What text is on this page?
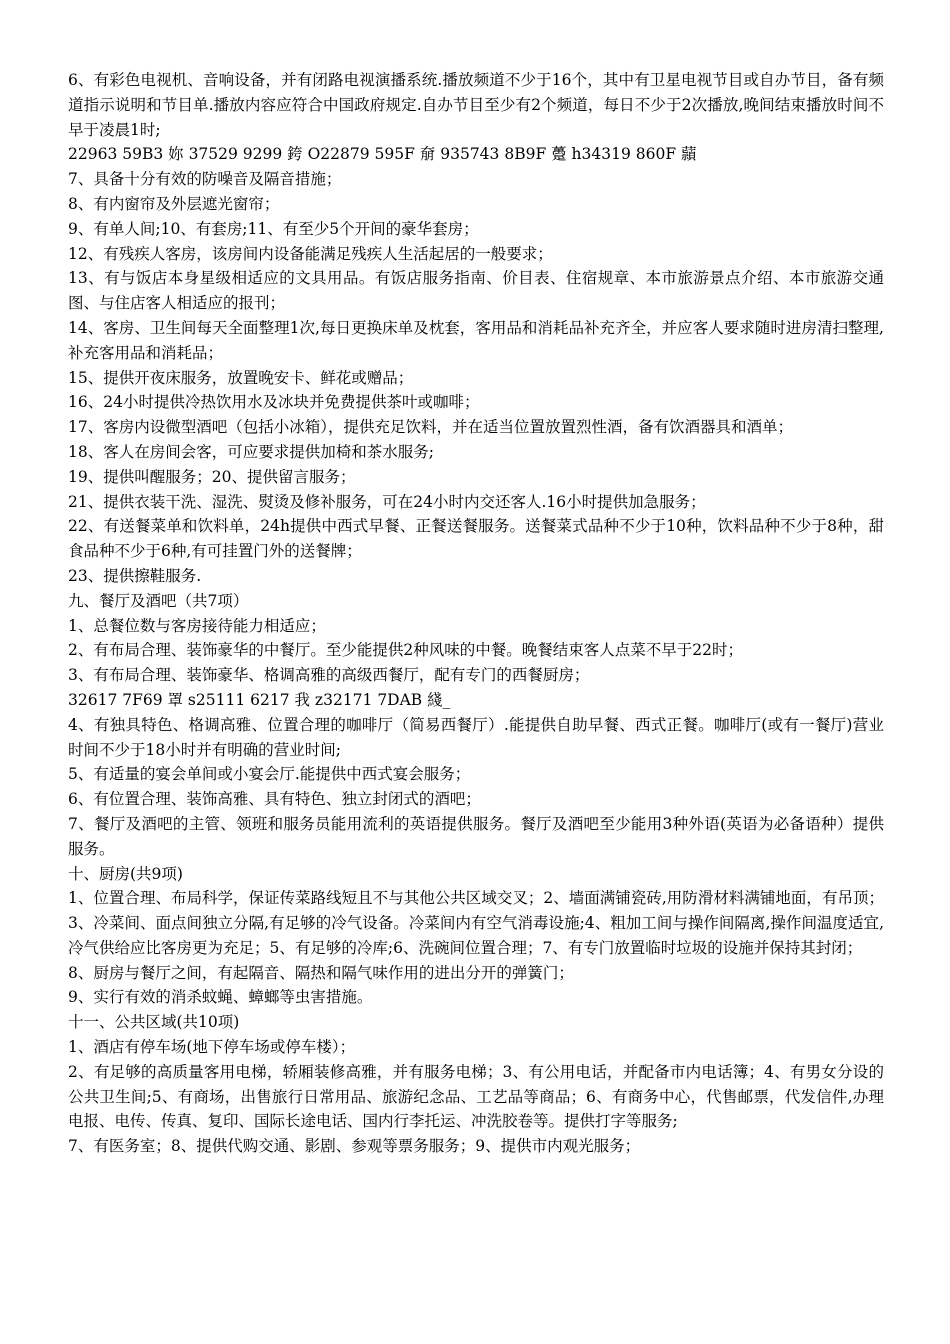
6、有彩色电视机、音响设备，并有闭路电视演播系统.播放频道不少于16个，其中有卫星电视节目或自办节目，备有频道指示说明和节目单.播放内容应符合中国政府规定.自办节目至少有2个频道，每日不少于2次播放,晚间结束播放时间不早于凌晨1时;

22963 59B3 妳 37529 9299 銙 O22879 595F 奟 935743 8B9F 躉 h34319 860F 蘏

7、具备十分有效的防噪音及隔音措施；

8、有内窗帘及外层遮光窗帘；

9、有单人间;10、有套房;11、有至少5个开间的豪华套房；

12、有残疾人客房，该房间内设备能满足残疾人生活起居的一般要求；

13、有与饭店本身星级相适应的文具用品。有饭店服务指南、价目表、住宿规章、本市旅游景点介绍、本市旅游交通图、与住店客人相适应的报刊；

14、客房、卫生间每天全面整理1次,每日更换床单及枕套，客用品和消耗品补充齐全，并应客人要求随时进房清扫整理,补充客用品和消耗品；

15、提供开夜床服务，放置晚安卡、鲜花或赠品；

16、24小时提供冷热饮用水及冰块并免费提供茶叶或咖啡；

17、客房内设微型酒吧（包括小冰箱），提供充足饮料，并在适当位置放置烈性酒，备有饮酒器具和酒单；

18、客人在房间会客，可应要求提供加椅和茶水服务;

19、提供叫醒服务；20、提供留言服务；

21、提供衣装干洗、湿洗、熨烫及修补服务，可在24小时内交还客人.16小时提供加急服务；

22、有送餐菜单和饮料单，24h提供中西式早餐、正餐送餐服务。送餐菜式品种不少于10种，饮料品种不少于8种，甜食品种不少于6种,有可挂置门外的送餐牌；

23、提供擦鞋服务.

九、餐厅及酒吧（共7项）

1、总餐位数与客房接待能力相适应；

2、有布局合理、装饰豪华的中餐厅。至少能提供2种风味的中餐。晚餐结束客人点菜不早于22时；

3、有布局合理、装饰豪华、格调高雅的高级西餐厅，配有专门的西餐厨房；

32617 7F69 罩 s25111 6217 我 z32171 7DAB 綫_

4、有独具特色、格调高雅、位置合理的咖啡厅（简易西餐厅）.能提供自助早餐、西式正餐。咖啡厅(或有一餐厅)营业时间不少于18小时并有明确的营业时间;

5、有适量的宴会单间或小宴会厅.能提供中西式宴会服务；

6、有位置合理、装饰高雅、具有特色、独立封闭式的酒吧；

7、餐厅及酒吧的主管、领班和服务员能用流利的英语提供服务。餐厅及酒吧至少能用3种外语(英语为必备语种）提供服务。

十、厨房(共9项)

1、位置合理、布局科学，保证传菜路线短且不与其他公共区域交叉；2、墙面满铺瓷砖,用防滑材料满铺地面，有吊顶；3、冷菜间、面点间独立分隔,有足够的冷气设备。冷菜间内有空气消毒设施;4、粗加工间与操作间隔离,操作间温度适宜,冷气供给应比客房更为充足；5、有足够的冷库;6、洗碗间位置合理；7、有专门放置临时垃圾的设施并保持其封闭；

8、厨房与餐厅之间，有起隔音、隔热和隔气味作用的进出分开的弹簧门；

9、实行有效的消杀蚊蝇、蟑螂等虫害措施。

十一、公共区域(共10项)

1、酒店有停车场(地下停车场或停车楼）；

2、有足够的高质量客用电梯，轿厢装修高雅，并有服务电梯；3、有公用电话，并配备市内电话簿；4、有男女分设的公共卫生间;5、有商场，出售旅行日常用品、旅游纪念品、工艺品等商品；6、有商务中心，代售邮票，代发信件,办理电报、电传、传真、复印、国际长途电话、国内行李托运、冲洗胶卷等。提供打字等服务;

7、有医务室；8、提供代购交通、影剧、参观等票务服务；9、提供市内观光服务；
